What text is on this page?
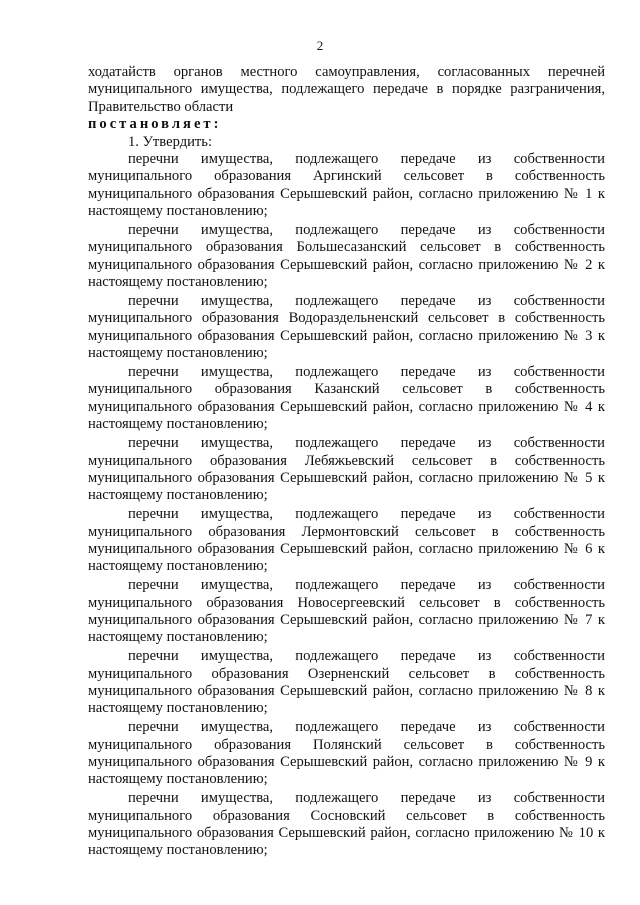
2

ходатайств органов местного самоуправления, согласованных перечней муниципального имущества, подлежащего передаче в порядке разграничения, Правительство области

постановляет:

1. Утвердить:

перечни имущества, подлежащего передаче из собственности муниципального образования Аргинский сельсовет в собственность муниципального образования Серышевский район, согласно приложению № 1 к настоящему постановлению;

перечни имущества, подлежащего передаче из собственности муниципального образования Большесазанский сельсовет в собственность муниципального образования Серышевский район, согласно приложению № 2 к настоящему постановлению;

перечни имущества, подлежащего передаче из собственности муниципального образования Водораздельненский сельсовет в собственность муниципального образования Серышевский район, согласно приложению № 3 к настоящему постановлению;

перечни имущества, подлежащего передаче из собственности муниципального образования Казанский сельсовет в собственность муниципального образования Серышевский район, согласно приложению № 4 к настоящему постановлению;

перечни имущества, подлежащего передаче из собственности муниципального образования Лебяжьевский сельсовет в собственность муниципального образования Серышевский район, согласно приложению № 5 к настоящему постановлению;

перечни имущества, подлежащего передаче из собственности муниципального образования Лермонтовский сельсовет в собственность муниципального образования Серышевский район, согласно приложению № 6 к настоящему постановлению;

перечни имущества, подлежащего передаче из собственности муниципального образования Новосергеевский сельсовет в собственность муниципального образования Серышевский район, согласно приложению № 7 к настоящему постановлению;

перечни имущества, подлежащего передаче из собственности муниципального образования Озерненский сельсовет в собственность муниципального образования Серышевский район, согласно приложению № 8 к настоящему постановлению;

перечни имущества, подлежащего передаче из собственности муниципального образования Полянский сельсовет в собственность муниципального образования Серышевский район, согласно приложению № 9 к настоящему постановлению;

перечни имущества, подлежащего передаче из собственности муниципального образования Сосновский сельсовет в собственность муниципального образования Серышевский район, согласно приложению № 10 к настоящему постановлению;
